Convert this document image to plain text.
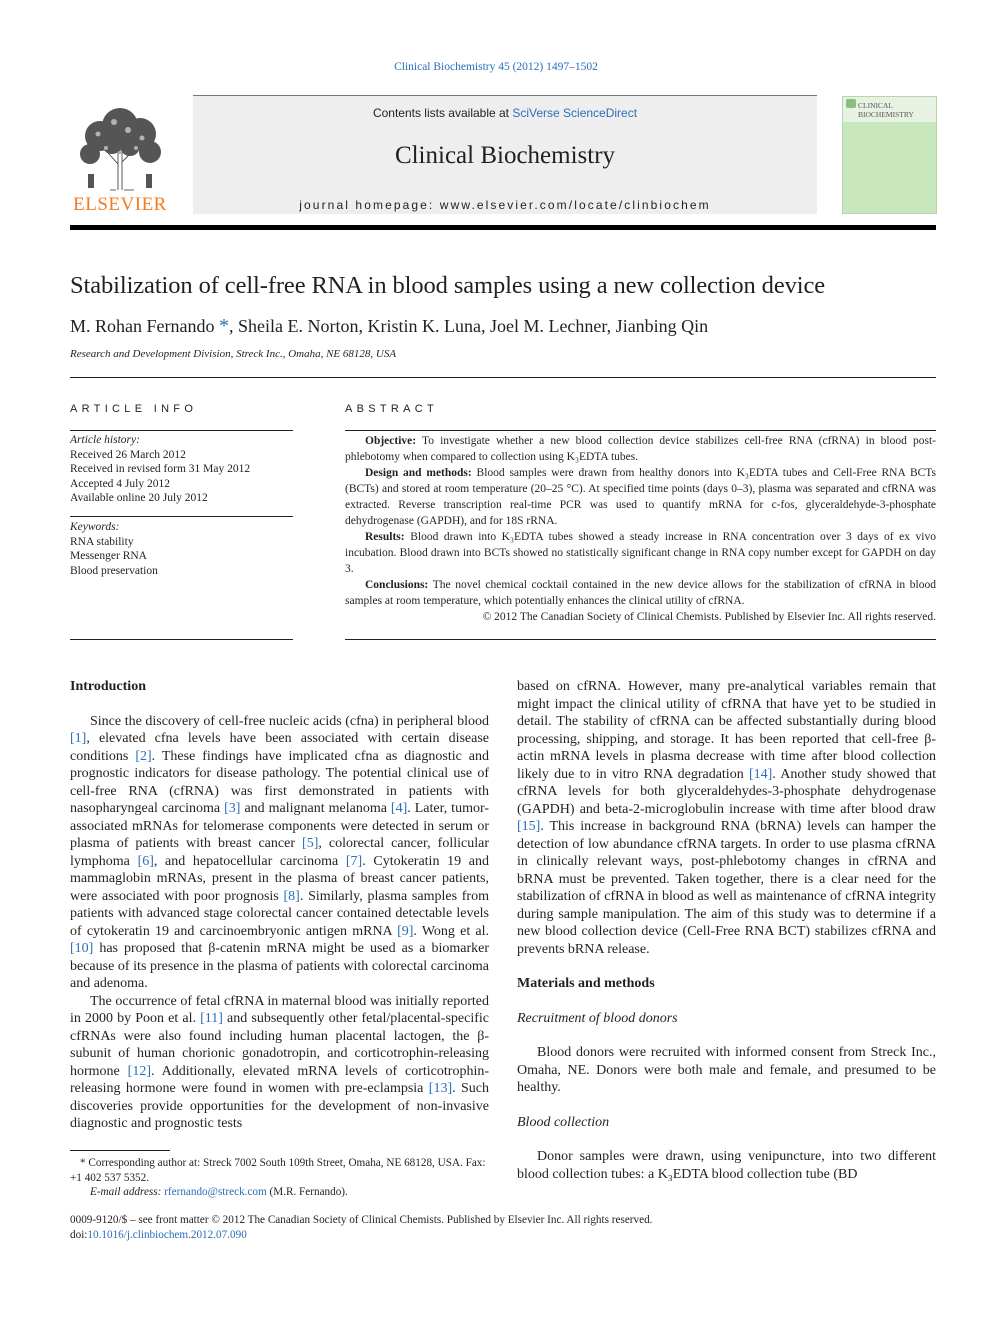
Clinical Biochemistry 45 (2012) 1497–1502
ELSEVIER
Contents lists available at SciVerse ScienceDirect
Clinical Biochemistry
journal homepage: www.elsevier.com/locate/clinbiochem
CLINICAL BIOCHEMISTRY
Stabilization of cell-free RNA in blood samples using a new collection device
M. Rohan Fernando *, Sheila E. Norton, Kristin K. Luna, Joel M. Lechner, Jianbing Qin
Research and Development Division, Streck Inc., Omaha, NE 68128, USA
ARTICLE INFO
Article history:
Received 26 March 2012
Received in revised form 31 May 2012
Accepted 4 July 2012
Available online 20 July 2012
Keywords:
RNA stability
Messenger RNA
Blood preservation
ABSTRACT

Objective: To investigate whether a new blood collection device stabilizes cell-free RNA (cfRNA) in blood post-phlebotomy when compared to collection using K₃EDTA tubes.

Design and methods: Blood samples were drawn from healthy donors into K₃EDTA tubes and Cell-Free RNA BCTs (BCTs) and stored at room temperature (20–25 °C). At specified time points (days 0–3), plasma was separated and cfRNA was extracted. Reverse transcription real-time PCR was used to quantify mRNA for c-fos, glyceraldehyde-3-phosphate dehydrogenase (GAPDH), and for 18S rRNA.

Results: Blood drawn into K₃EDTA tubes showed a steady increase in RNA concentration over 3 days of ex vivo incubation. Blood drawn into BCTs showed no statistically significant change in RNA copy number except for GAPDH on day 3.

Conclusions: The novel chemical cocktail contained in the new device allows for the stabilization of cfRNA in blood samples at room temperature, which potentially enhances the clinical utility of cfRNA.

© 2012 The Canadian Society of Clinical Chemists. Published by Elsevier Inc. All rights reserved.
Introduction

Since the discovery of cell-free nucleic acids (cfna) in peripheral blood [1], elevated cfna levels have been associated with certain disease conditions [2]. These findings have implicated cfna as diagnostic and prognostic indicators for disease pathology. The potential clinical use of cell-free RNA (cfRNA) was first demonstrated in patients with nasopharyngeal carcinoma [3] and malignant melanoma [4]. Later, tumor-associated mRNAs for telomerase components were detected in serum or plasma of patients with breast cancer [5], colorectal cancer, follicular lymphoma [6], and hepatocellular carcinoma [7]. Cytokeratin 19 and mammaglobin mRNAs, present in the plasma of breast cancer patients, were associated with poor prognosis [8]. Similarly, plasma samples from patients with advanced stage colorectal cancer contained detectable levels of cytokeratin 19 and carcinoembryonic antigen mRNA [9]. Wong et al. [10] has proposed that β-catenin mRNA might be used as a biomarker because of its presence in the plasma of patients with colorectal carcinoma and adenoma.

The occurrence of fetal cfRNA in maternal blood was initially reported in 2000 by Poon et al. [11] and subsequently other fetal/placental-specific cfRNAs were also found including human placental lactogen, the β-subunit of human chorionic gonadotropin, and corticotrophin-releasing hormone [12]. Additionally, elevated mRNA levels of corticotrophin-releasing hormone were found in women with pre-eclampsia [13]. Such discoveries provide opportunities for the development of non-invasive diagnostic and prognostic tests

based on cfRNA. However, many pre-analytical variables remain that might impact the clinical utility of cfRNA that have yet to be studied in detail. The stability of cfRNA can be affected substantially during blood processing, shipping, and storage. It has been reported that cell-free β-actin mRNA levels in plasma decrease with time after blood collection likely due to in vitro RNA degradation [14]. Another study showed that cfRNA levels for both glyceraldehydes-3-phosphate dehydrogenase (GAPDH) and beta-2-microglobulin increase with time after blood draw [15]. This increase in background RNA (bRNA) levels can hamper the detection of low abundance cfRNA targets. In order to use plasma cfRNA in clinically relevant ways, post-phlebotomy changes in cfRNA and bRNA must be prevented. Taken together, there is a clear need for the stabilization of cfRNA in blood as well as maintenance of cfRNA integrity during sample manipulation. The aim of this study was to determine if a new blood collection device (Cell-Free RNA BCT) stabilizes cfRNA and prevents bRNA release.

Materials and methods
Recruitment of blood donors

Blood donors were recruited with informed consent from Streck Inc., Omaha, NE. Donors were both male and female, and presumed to be healthy.

Blood collection

Donor samples were drawn, using venipuncture, into two different blood collection tubes: a K₃EDTA blood collection tube (BD

* Corresponding author at: Streck 7002 South 109th Street, Omaha, NE 68128, USA. Fax: +1 402 537 5352.
E-mail address: rfernando@streck.com (M.R. Fernando).
0009-9120/$ – see front matter © 2012 The Canadian Society of Clinical Chemists. Published by Elsevier Inc. All rights reserved.
doi:10.1016/j.clinbiochem.2012.07.090
